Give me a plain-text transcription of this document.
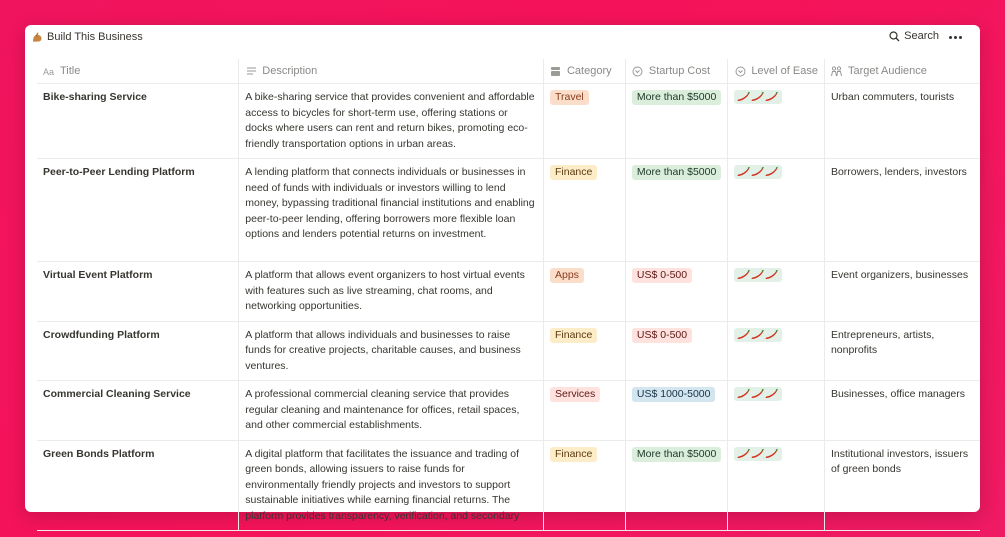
Build This Business	Search
Aa Title	Description	Category	Startup Cost	Level of Ease	Target Audience

Bike-sharing Service	A bike-sharing service that provides convenient and affordable access to bicycles for short-term use, offering stations or docks where users can rent and return bikes, promoting eco-friendly transportation options in urban areas.	Travel	More than $5000		Urban commuters, tourists
Peer-to-Peer Lending Platform	A lending platform that connects individuals or businesses in need of funds with individuals or investors willing to lend money, bypassing traditional financial institutions and enabling peer-to-peer lending, offering borrowers more flexible loan options and lenders potential returns on investment.	Finance	More than $5000		Borrowers, lenders, investors
Virtual Event Platform	A platform that allows event organizers to host virtual events with features such as live streaming, chat rooms, and networking opportunities.	Apps	US$ 0-500		Event organizers, businesses
Crowdfunding Platform	A platform that allows individuals and businesses to raise funds for creative projects, charitable causes, and business ventures.	Finance	US$ 0-500		Entrepreneurs, artists, nonprofits
Commercial Cleaning Service	A professional commercial cleaning service that provides regular cleaning and maintenance for offices, retail spaces, and other commercial establishments.	Services	US$ 1000-5000		Businesses, office managers
Green Bonds Platform	A digital platform that facilitates the issuance and trading of green bonds, allowing issuers to raise funds for environmentally friendly projects and investors to support sustainable initiatives while earning financial returns. The platform provides transparency, verification, and secondary	Finance	More than $5000		Institutional investors, issuers of green bonds
